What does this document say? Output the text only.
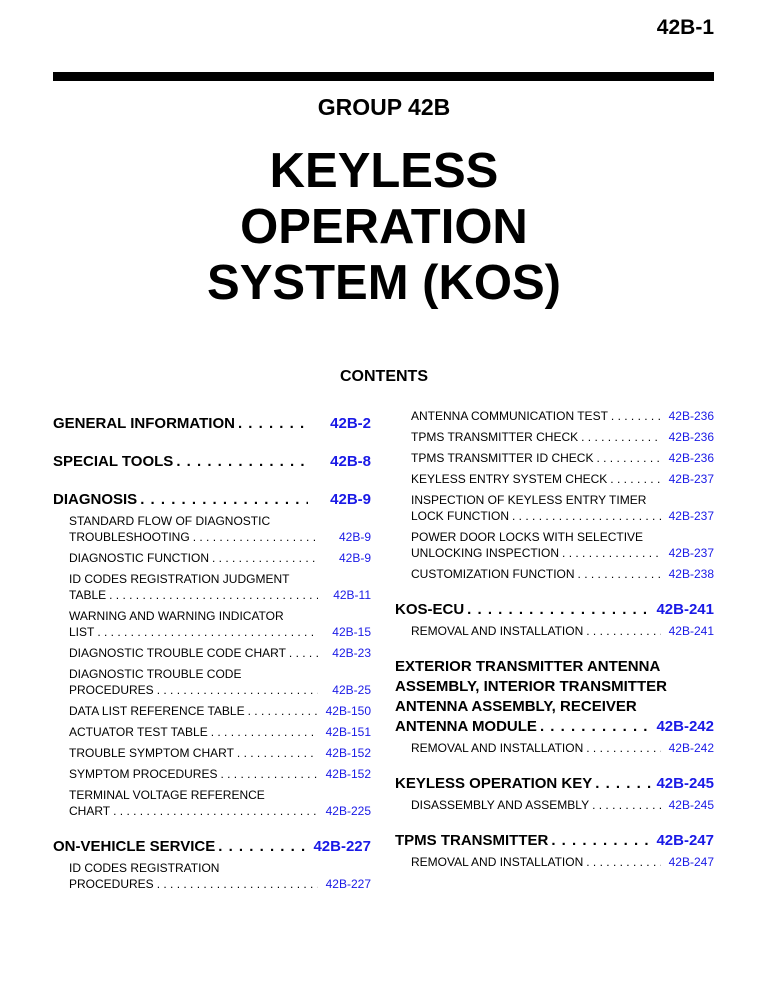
42B-1
GROUP 42B
KEYLESS
OPERATION
SYSTEM (KOS)
CONTENTS
GENERAL INFORMATION . . .	42B-2
SPECIAL TOOLS . . .	42B-8
DIAGNOSIS . . .	42B-9
STANDARD FLOW OF DIAGNOSTIC
TROUBLESHOOTING . . .	42B-9
DIAGNOSTIC FUNCTION . . .	42B-9
ID CODES REGISTRATION JUDGMENT
TABLE . . .	42B-11
WARNING AND WARNING INDICATOR
LIST . . .	42B-15
DIAGNOSTIC TROUBLE CODE CHART . . .	42B-23
DIAGNOSTIC TROUBLE CODE
PROCEDURES . . .	42B-25
DATA LIST REFERENCE TABLE . . .	42B-150
ACTUATOR TEST TABLE . . .	42B-151
TROUBLE SYMPTOM CHART . . .	42B-152
SYMPTOM PROCEDURES . . .	42B-152
TERMINAL VOLTAGE REFERENCE
CHART . . .	42B-225
ON-VEHICLE SERVICE . . .	42B-227
ID CODES REGISTRATION
PROCEDURES . . .	42B-227
ANTENNA COMMUNICATION TEST . . .	42B-236
TPMS TRANSMITTER CHECK . . .	42B-236
TPMS TRANSMITTER ID CHECK . . .	42B-236
KEYLESS ENTRY SYSTEM CHECK . . .	42B-237
INSPECTION OF KEYLESS ENTRY TIMER
LOCK FUNCTION . . .	42B-237
POWER DOOR LOCKS WITH SELECTIVE
UNLOCKING INSPECTION . . .	42B-237
CUSTOMIZATION FUNCTION . . .	42B-238
KOS-ECU . . .	42B-241
REMOVAL AND INSTALLATION . . .	42B-241
EXTERIOR TRANSMITTER ANTENNA
ASSEMBLY, INTERIOR TRANSMITTER
ANTENNA ASSEMBLY, RECEIVER
ANTENNA MODULE . . .	42B-242
REMOVAL AND INSTALLATION . . .	42B-242
KEYLESS OPERATION KEY . . .	42B-245
DISASSEMBLY AND ASSEMBLY . . .	42B-245
TPMS TRANSMITTER . . .	42B-247
REMOVAL AND INSTALLATION . . .	42B-247
